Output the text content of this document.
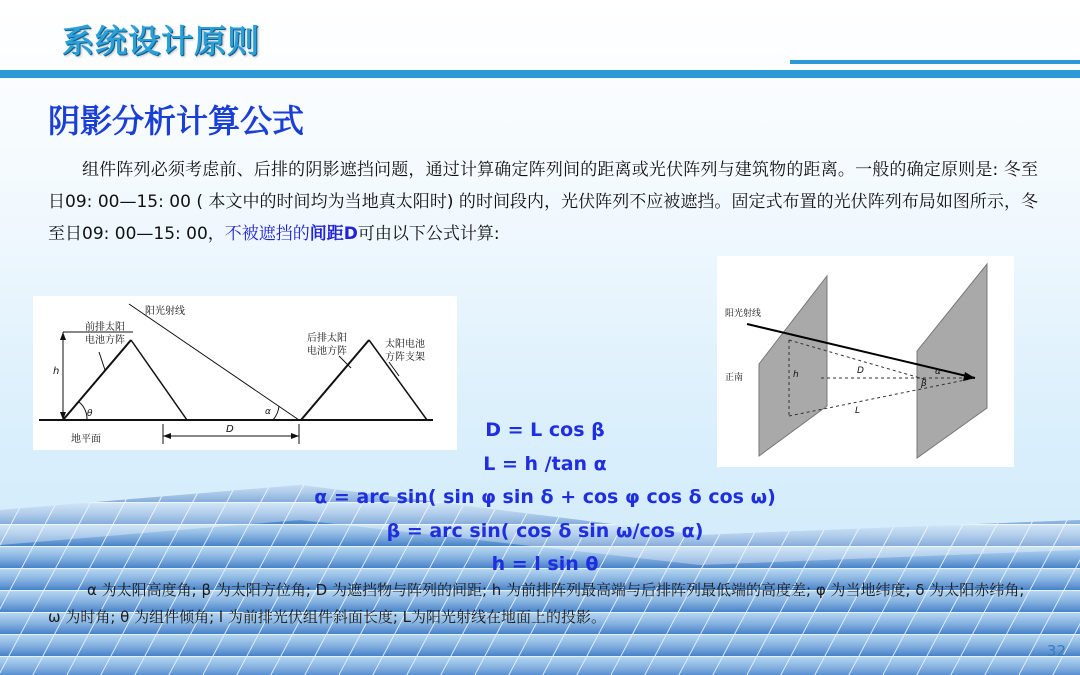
系统设计原则
阴影分析计算公式
组件阵列必须考虑前、后排的阴影遮挡问题，通过计算确定阵列间的距离或光伏阵列与建筑物的距离。一般的确定原则是: 冬至日09: 00—15: 00 ( 本文中的时间均为当地真太阳时) 的时间段内，光伏阵列不应被遮挡。固定式布置的光伏阵列布局如图所示，冬至日09: 00—15: 00，不被遮挡的间距D可由以下公式计算:
阳光射线
前排太阳
电池方阵	后排太阳
电池方阵
太阳电池
方阵支架
地平面
h
θ	α
D
阳光射线
正南	h	D
L
α
β
D = L cos β
L = h /tan α
α = arc sin( sin φ sin δ + cos φ cos δ cos ω)
β = arc sin( cos δ sin ω/cos α)
h = l sin θ
α 为太阳高度角; β 为太阳方位角; D 为遮挡物与阵列的间距; h 为前排阵列最高端与后排阵列最低端的高度差; φ 为当地纬度; δ 为太阳赤纬角; ω 为时角; θ 为组件倾角; l 为前排光伏组件斜面长度; L为阳光射线在地面上的投影。
32
